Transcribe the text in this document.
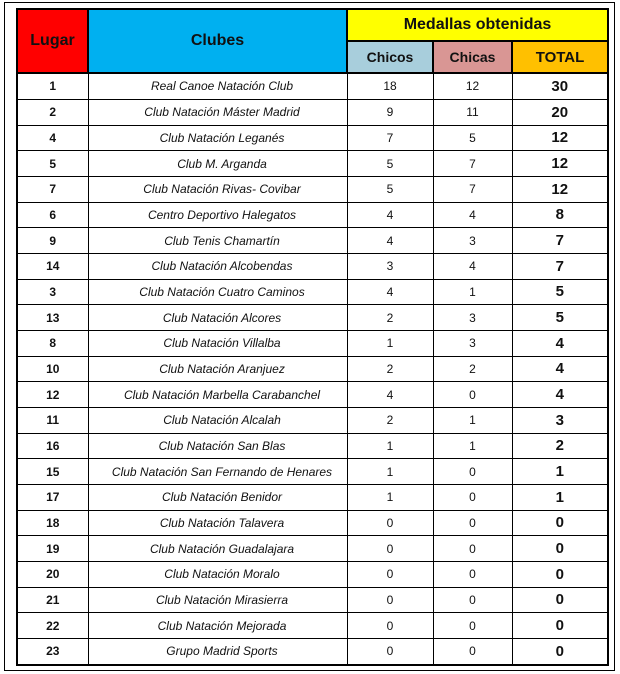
Lugar	Clubes	Medallas obtenidas		
		Chicos	Chicas	TOTAL
1	Real Canoe Natación Club	18	12	30
2	Club Natación Máster Madrid	9	11	20
4	Club Natación Leganés	7	5	12
5	Club M. Arganda	5	7	12
7	Club Natación Rivas- Covibar	5	7	12
6	Centro Deportivo Halegatos	4	4	8
9	Club Tenis Chamartín	4	3	7
14	Club Natación Alcobendas	3	4	7
3	Club Natación Cuatro Caminos	4	1	5
13	Club Natación Alcores	2	3	5
8	Club Natación Villalba	1	3	4
10	Club Natación Aranjuez	2	2	4
12	Club Natación Marbella Carabanchel	4	0	4
11	Club Natación Alcalah	2	1	3
16	Club Natación San Blas	1	1	2
15	Club Natación San Fernando de Henares	1	0	1
17	Club Natación Benidor	1	0	1
18	Club Natación Talavera	0	0	0
19	Club Natación Guadalajara	0	0	0
20	Club Natación Moralo	0	0	0
21	Club Natación Mirasierra	0	0	0
22	Club Natación Mejorada	0	0	0
23	Grupo Madrid Sports	0	0	0
